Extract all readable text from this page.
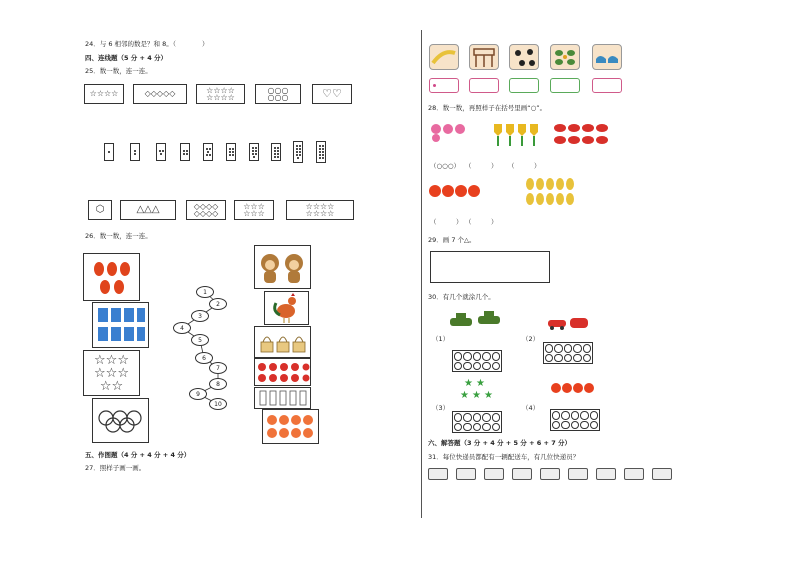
24．与 6 相邻的数是？和 8。（　　　　）
四、连线题（5 分 + 4 分）
25．数一数，连一连。
☆☆☆☆	◇◇◇◇◇	☆☆☆☆
☆☆☆☆
○○○
○○○	♡♡
⬡	△△△	◇◇◇◇
◇◇◇◇
☆☆☆
☆☆☆
☆☆☆☆
☆☆☆☆
26．数一数，连一连。
☆☆☆
☆☆☆
☆☆
1
2
3
4
5
6
7
8
9
10
五、作图题（4 分 + 4 分 + 4 分）
27．照样子画一画。
28．数一数，再照样子在括号里画“○”。
（○○○） （　　　） （　　　）
（　　　） （　　　）
29．画 7 个△。
30．有几个就涂几个。
（1）	（2）
★ ★
★ ★ ★
（3）	（4）
六、解答题（3 分 + 4 分 + 5 分 + 6 + 7 分）
31．每位快递员都配有一辆配送车，有几位快递员？
